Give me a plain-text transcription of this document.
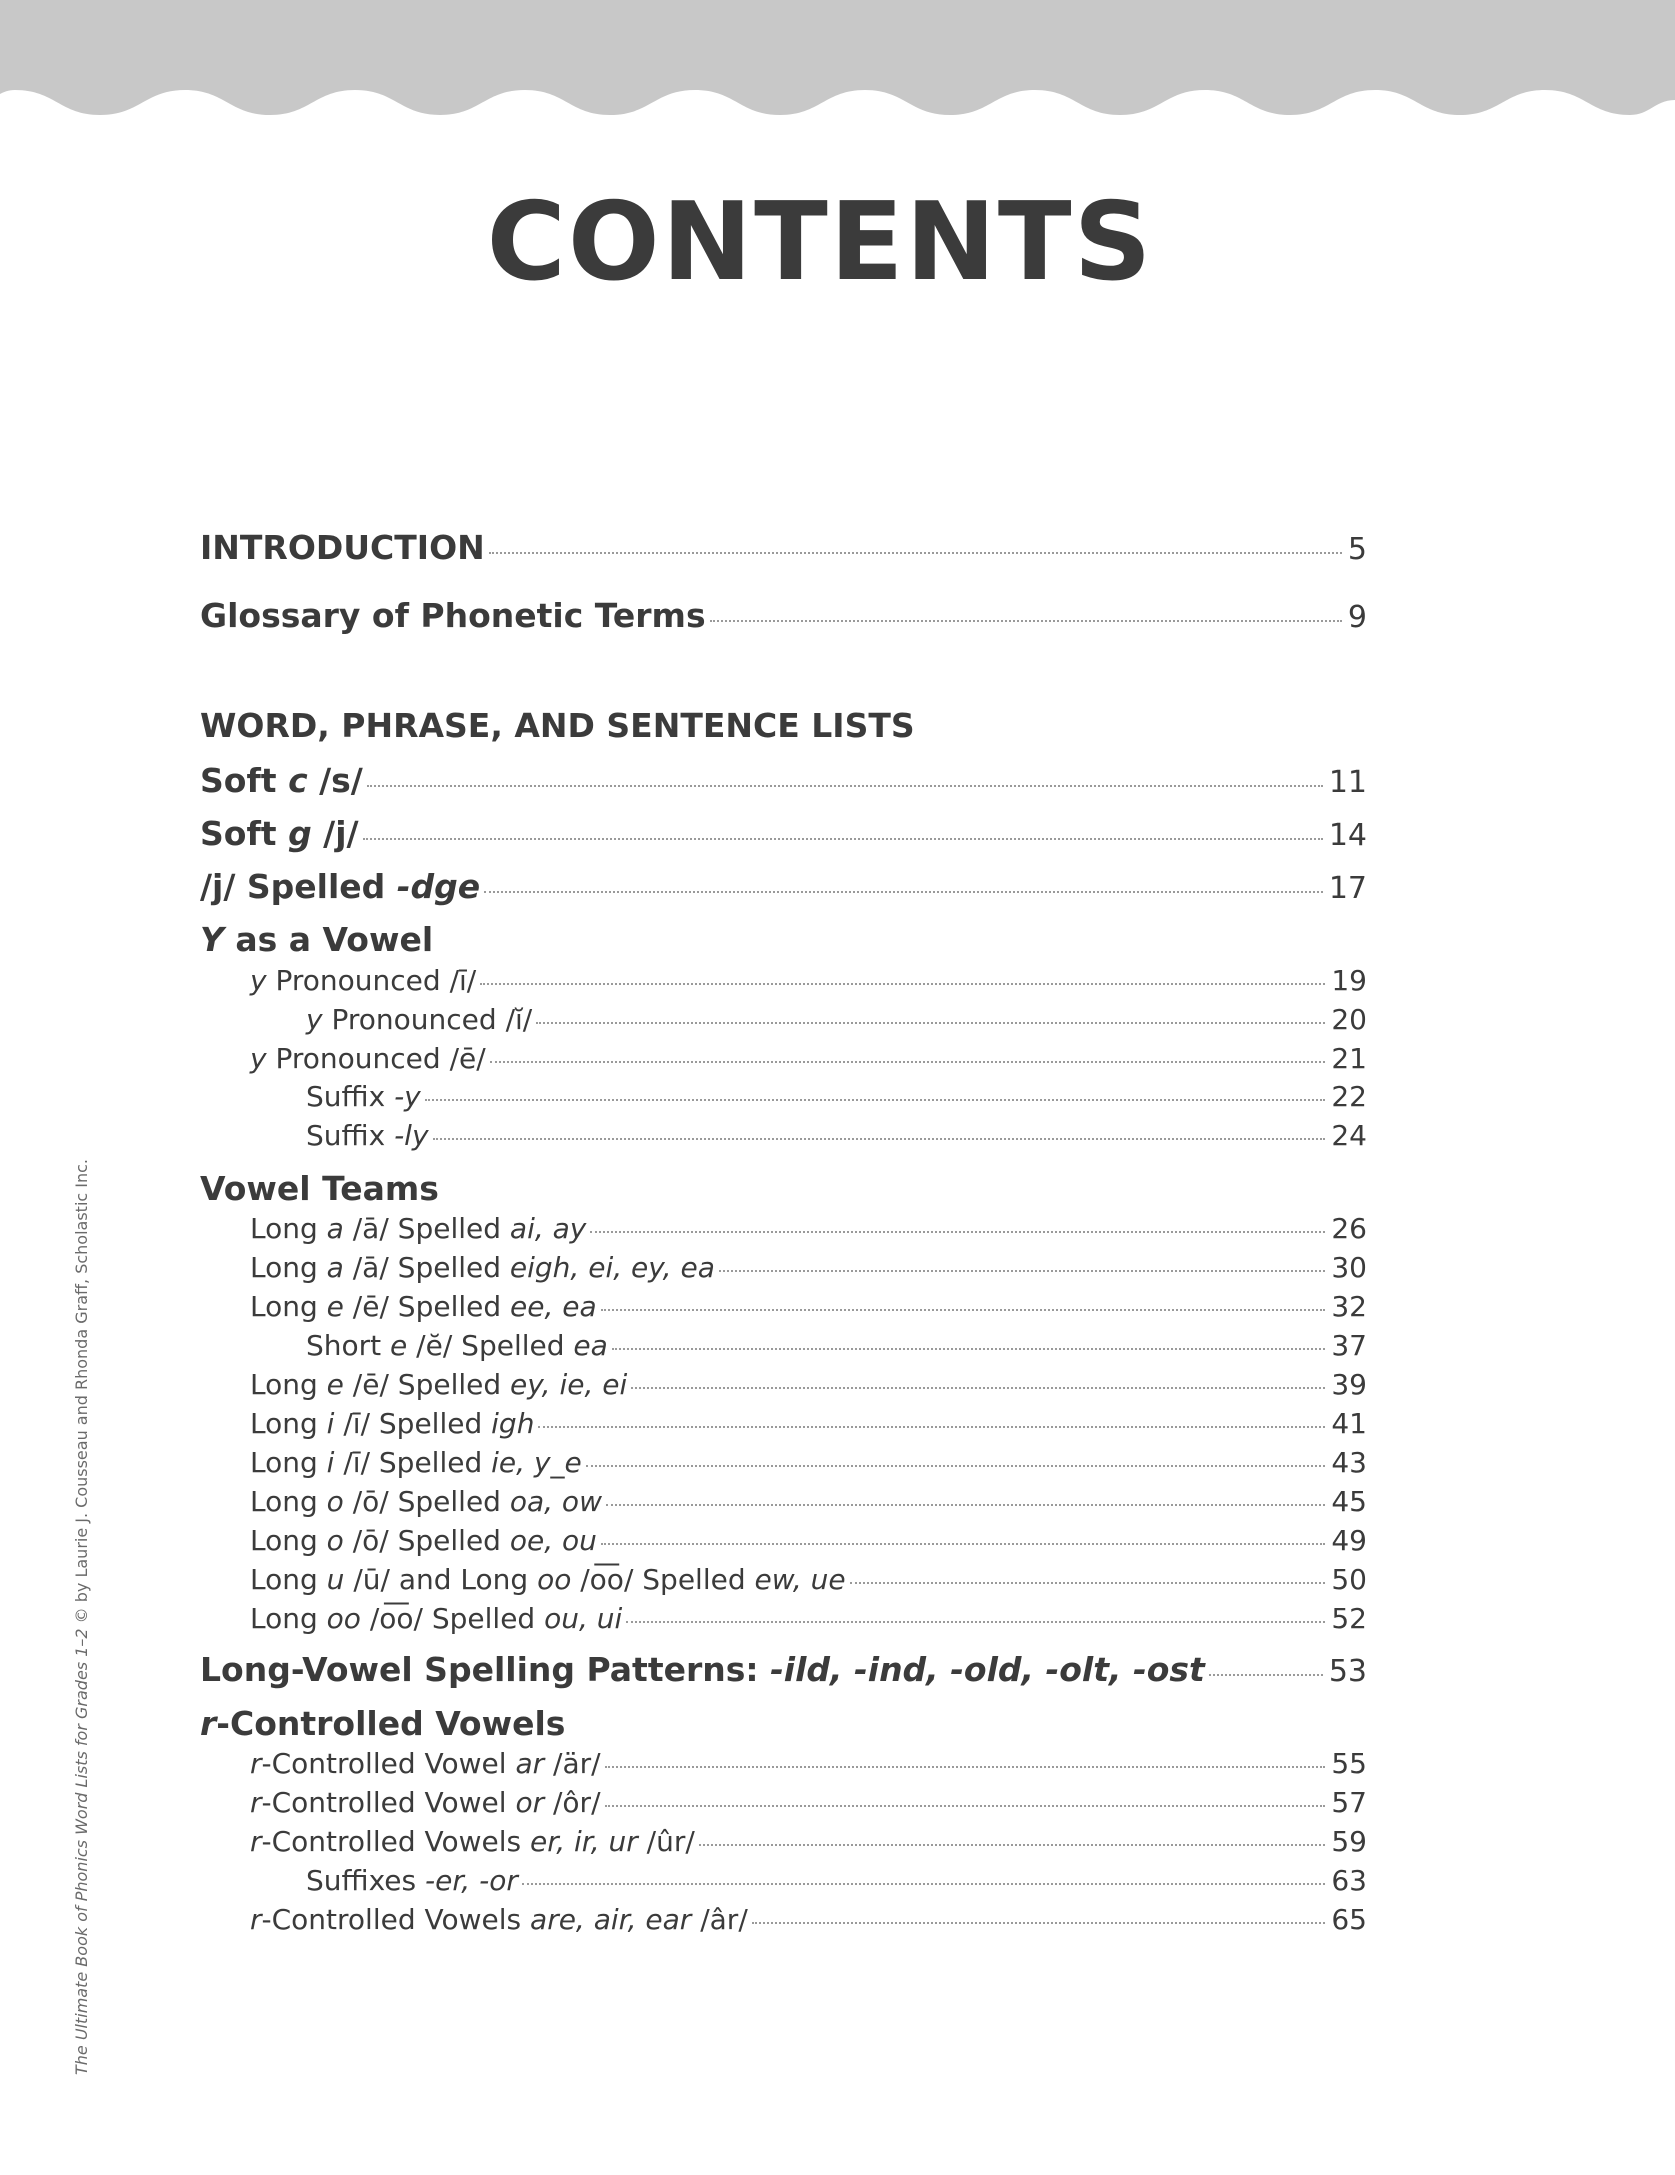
CONTENTS
INTRODUCTION	5
Glossary of Phonetic Terms	9
WORD, PHRASE, AND SENTENCE LISTS
Soft c /s/	11
Soft g /j/	14
/j/ Spelled -dge	17
Y as a Vowel
y Pronounced /ī/	19
y Pronounced /ĭ/	20
y Pronounced /ē/	21
Suffix -y	22
Suffix -ly	24
Vowel Teams
Long a /ā/ Spelled ai, ay	26
Long a /ā/ Spelled eigh, ei, ey, ea	30
Long e /ē/ Spelled ee, ea	32
Short e /ĕ/ Spelled ea	37
Long e /ē/ Spelled ey, ie, ei	39
Long i /ī/ Spelled igh	41
Long i /ī/ Spelled ie, y_e	43
Long o /ō/ Spelled oa, ow	45
Long o /ō/ Spelled oe, ou	49
Long u /ū/ and Long oo /o͞o/ Spelled ew, ue	50
Long oo /o͞o/ Spelled ou, ui	52
Long-Vowel Spelling Patterns: -ild, -ind, -old, -olt, -ost	53
r-Controlled Vowels
r-Controlled Vowel ar /är/	55
r-Controlled Vowel or /ôr/	57
r-Controlled Vowels er, ir, ur /ûr/	59
Suffixes -er, -or	63
r-Controlled Vowels are, air, ear /âr/	65
The Ultimate Book of Phonics Word Lists for Grades 1–2 © by Laurie J. Cousseau and Rhonda Graff, Scholastic Inc.
